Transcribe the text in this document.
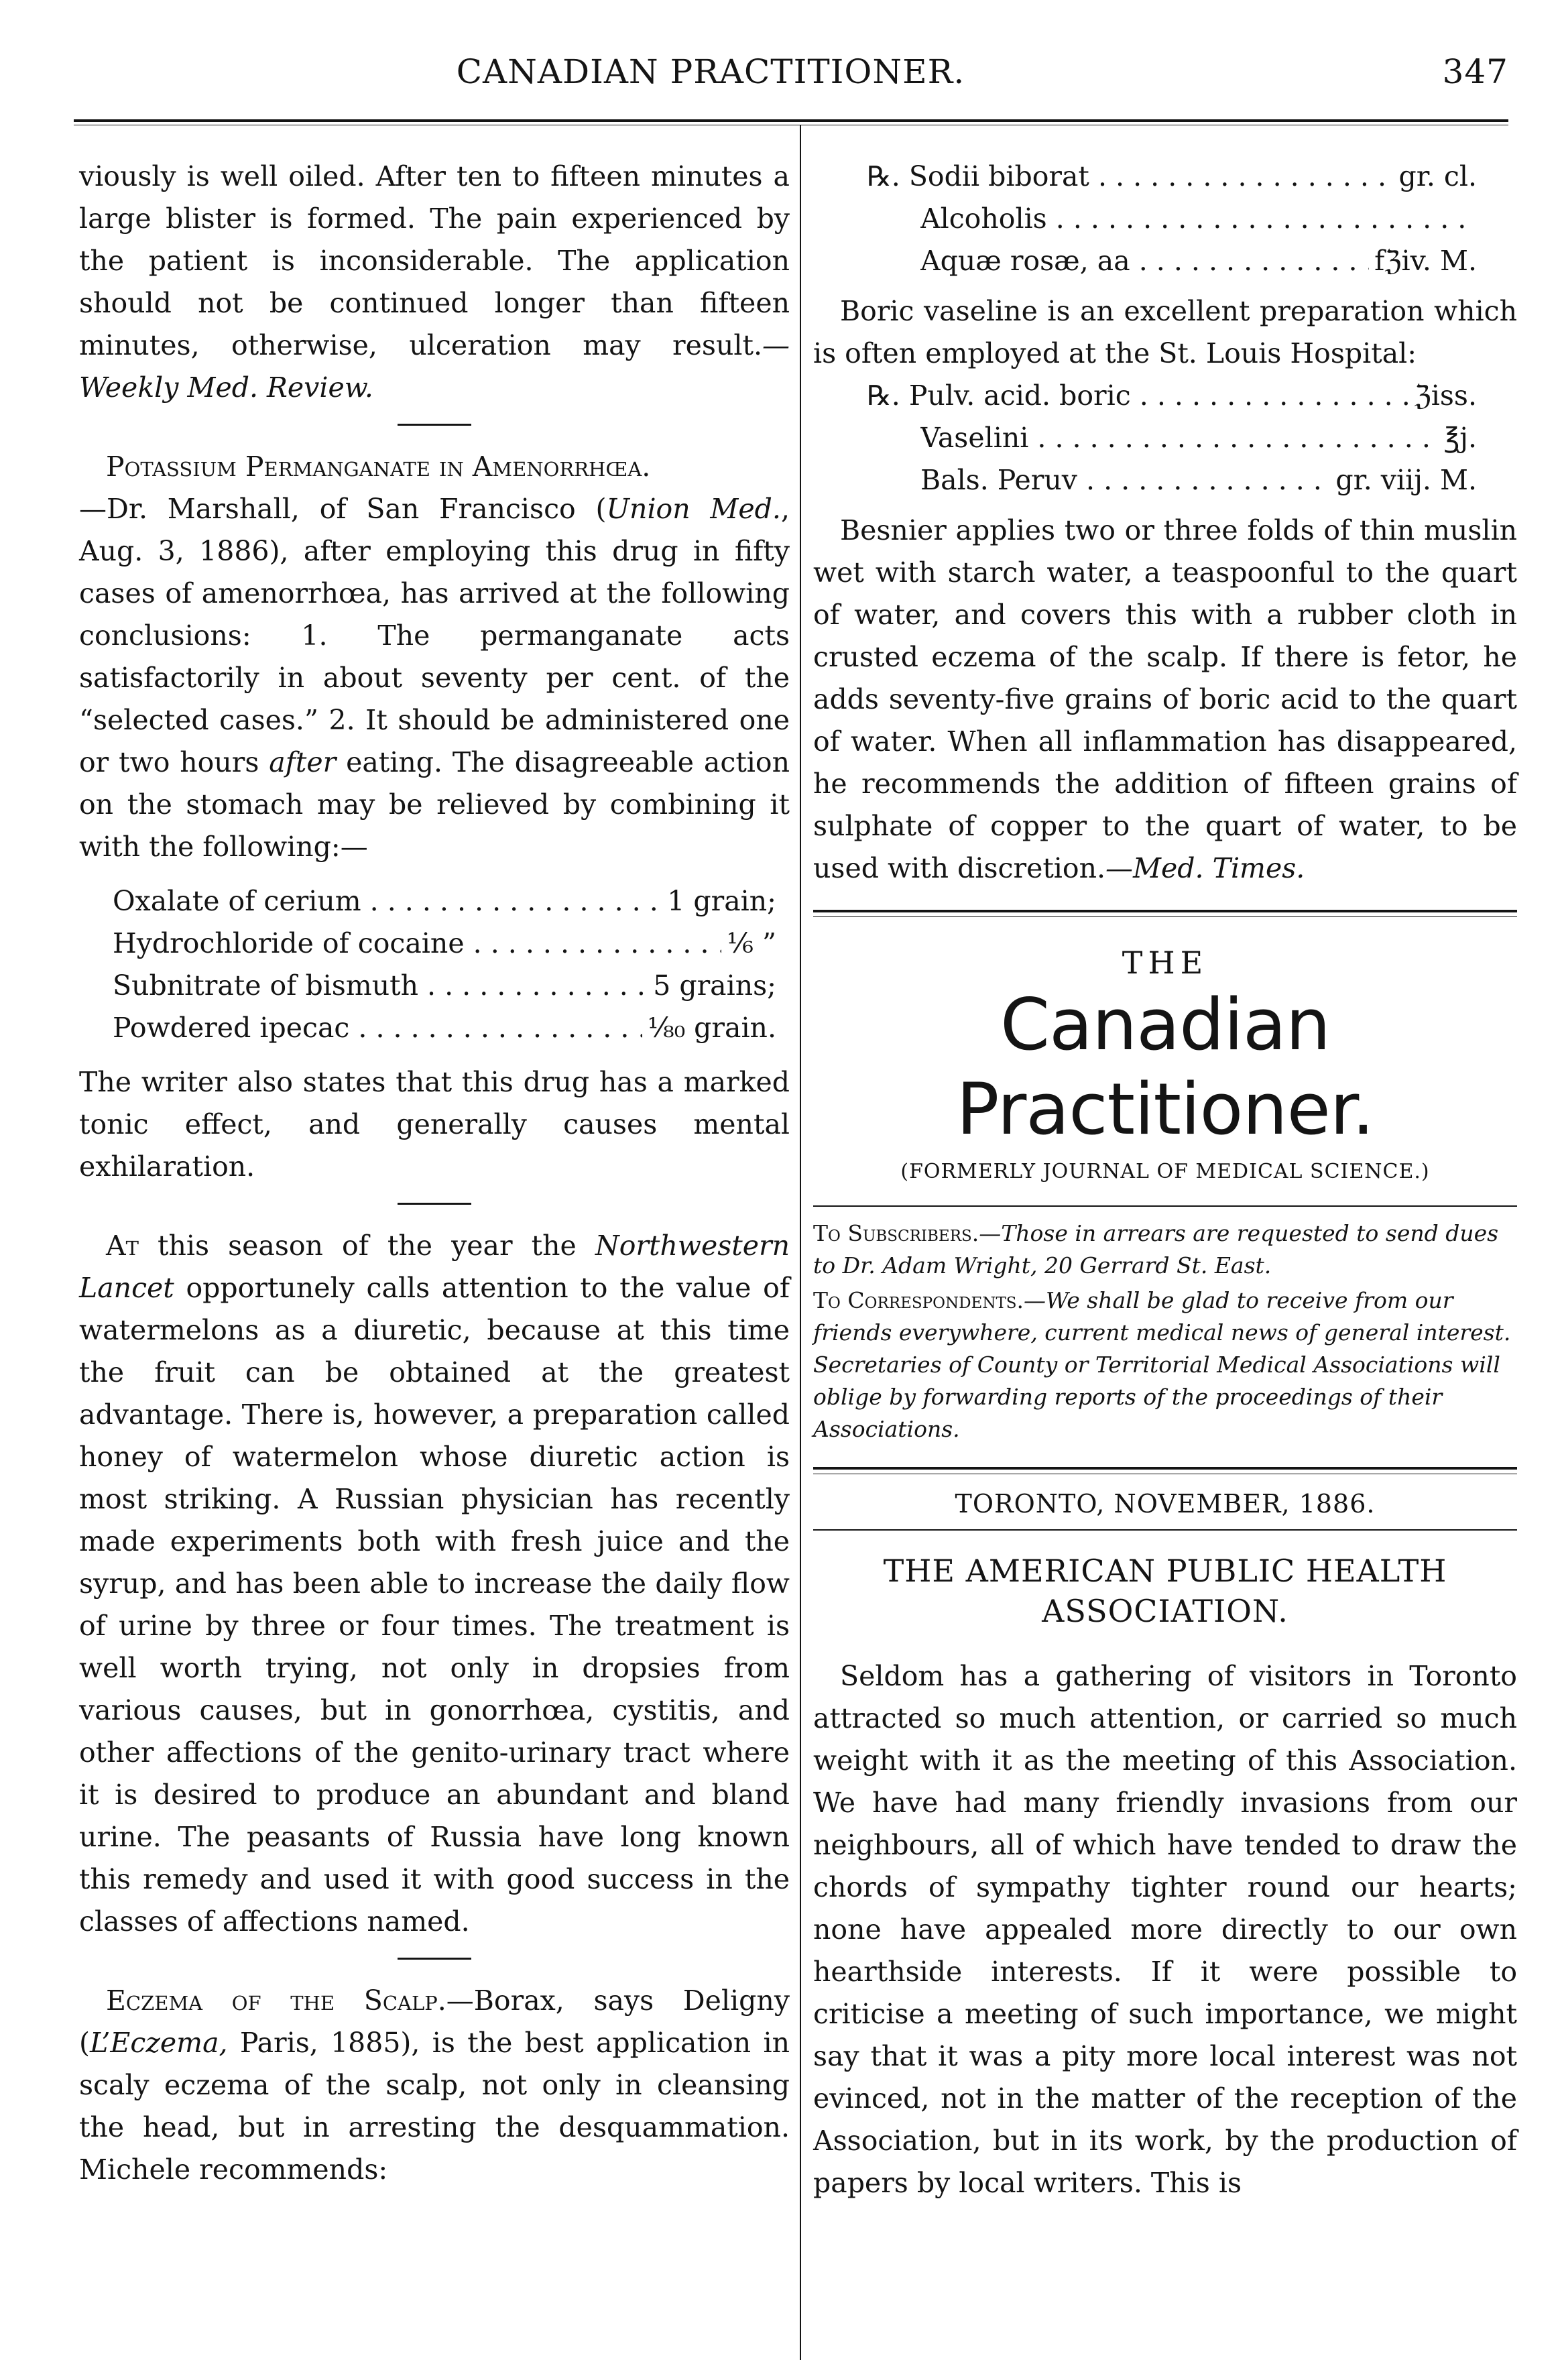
CANADIAN PRACTITIONER.	347

viously is well oiled. After ten to fifteen minutes a large blister is formed. The pain experienced by the patient is inconsiderable. The application should not be continued longer than fifteen minutes, otherwise, ulceration may result.—Weekly Med. Review.

Potassium Permanganate in Amenorrhœa.

—Dr. Marshall, of San Francisco (Union Med., Aug. 3, 1886), after employing this drug in fifty cases of amenorrhœa, has arrived at the following conclusions: 1. The permanganate acts satisfactorily in about seventy per cent. of the “selected cases.” 2. It should be administered one or two hours after eating. The disagreeable action on the stomach may be relieved by combining it with the following:—

Oxalate of cerium . . .	1 grain;
Hydrochloride of cocaine . . .	⅙ ”
Subnitrate of bismuth . . .	5 grains;
Powdered ipecac . . .	¹⁄₈₀ grain.

The writer also states that this drug has a marked tonic effect, and generally causes mental exhilaration.

At this season of the year the Northwestern Lancet opportunely calls attention to the value of watermelons as a diuretic, because at this time the fruit can be obtained at the greatest advantage. There is, however, a preparation called honey of watermelon whose diuretic action is most striking. A Russian physician has recently made experiments both with fresh juice and the syrup, and has been able to increase the daily flow of urine by three or four times. The treatment is well worth trying, not only in dropsies from various causes, but in gonorrhœa, cystitis, and other affections of the genito-urinary tract where it is desired to produce an abundant and bland urine. The peasants of Russia have long known this remedy and used it with good success in the classes of affections named.

Eczema of the Scalp.—Borax, says Deligny (L’Eczema, Paris, 1885), is the best application in scaly eczema of the scalp, not only in cleansing the head, but in arresting the desquammation. Michele recommends:

℞. Sodii biborat . . .	gr. cl.
Alcoholis . . .
Aquæ rosæ, aa . . .	fℨiv. M.

Boric vaseline is an excellent preparation which is often employed at the St. Louis Hospital:

℞. Pulv. acid. boric . . .	ℨiss.
Vaselini . . .	℥j.
Bals. Peruv . . .	gr. viij. M.

Besnier applies two or three folds of thin muslin wet with starch water, a teaspoonful to the quart of water, and covers this with a rubber cloth in crusted eczema of the scalp. If there is fetor, he adds seventy-five grains of boric acid to the quart of water. When all inflammation has disappeared, he recommends the addition of fifteen grains of sulphate of copper to the quart of water, to be used with discretion.—Med. Times.

THE
Canadian Practitioner.
(FORMERLY JOURNAL OF MEDICAL SCIENCE.)
To Subscribers.—Those in arrears are requested to send dues to Dr. Adam Wright, 20 Gerrard St. East.
To Correspondents.—We shall be glad to receive from our friends everywhere, current medical news of general interest. Secretaries of County or Territorial Medical Associations will oblige by forwarding reports of the proceedings of their Associations.
TORONTO, NOVEMBER, 1886.
THE AMERICAN PUBLIC HEALTH ASSOCIATION.

Seldom has a gathering of visitors in Toronto attracted so much attention, or carried so much weight with it as the meeting of this Association. We have had many friendly invasions from our neighbours, all of which have tended to draw the chords of sympathy tighter round our hearts; none have appealed more directly to our own hearthside interests. If it were possible to criticise a meeting of such importance, we might say that it was a pity more local interest was not evinced, not in the matter of the reception of the Association, but in its work, by the production of papers by local writers. This is
